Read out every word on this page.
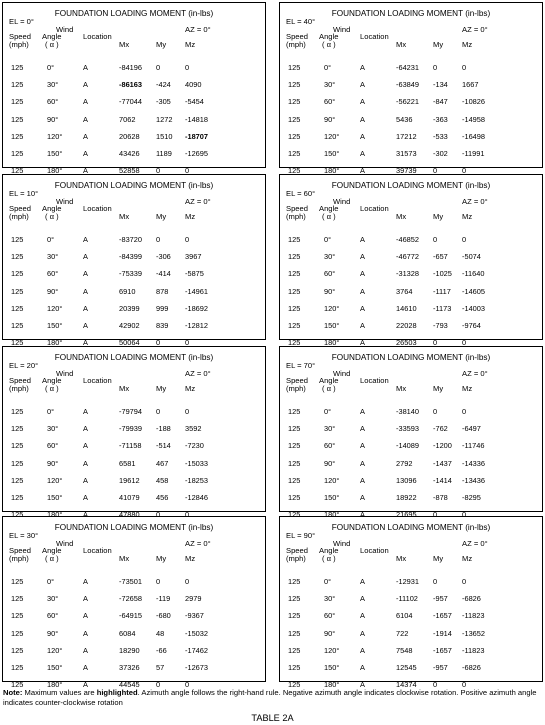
FOUNDATION LOADING MOMENT (in-lbs)
EL = 0°
Wind	AZ = 0°
Speed
(mph)
Angle
( α )
Location
Mx	My Mz
125	0°	A	-84196 0	0
125	30°	A	-86163 -424 4090
125	60°	A	-77044 -305 -5454
125	90°	A	7062	1272 -14818
125	120°	A	20628 1510 -18707
125	150°	A	43426 1189 -12695
125	180°	A	52858 0	0
FOUNDATION LOADING MOMENT (in-lbs)
EL = 40°
Wind	AZ = 0°
Speed
(mph)
Angle
( α )
Location
Mx	My Mz
125	0°	A	-64231 0	0
125	30°	A	-63849 -134 1667
125	60°	A	-56221 -847 -10826
125	90°	A	5436	-363 -14958
125	120°	A	17212 -533 -16498
125	150°	A	31573 -302 -11991
125	180°	A	39739 0	0
FOUNDATION LOADING MOMENT (in-lbs)
EL = 10°
Wind	AZ = 0°
Speed
(mph)
Angle
( α )
Location
Mx	My Mz
125	0°	A	-83720 0	0
125	30°	A	-84399 -306 3967
125	60°	A	-75339 -414 -5875
125	90°	A	6910	878 -14961
125	120°	A	20399 999 -18692
125	150°	A	42902 839 -12812
125	180°	A	50064 0	0
FOUNDATION LOADING MOMENT (in-lbs)
EL = 60°
Wind	AZ = 0°
Speed
(mph)
Angle
( α )
Location
Mx	My Mz
125	0°	A	-46852 0	0
125	30°	A	-46772 -657 -5074
125	60°	A	-31328 -1025 -11640
125	90°	A	3764	-1117 -14605
125	120°	A	14610 -1173 -14003
125	150°	A	22028 -793 -9764
125	180°	A	26503 0	0
FOUNDATION LOADING MOMENT (in-lbs)
EL = 20°
Wind	AZ = 0°
Speed
(mph)
Angle
( α )
Location
Mx	My Mz
125	0°	A	-79794 0	0
125	30°	A	-79939 -188 3592
125	60°	A	-71158 -514 -7230
125	90°	A	6581	467 -15033
125	120°	A	19612 458 -18253
125	150°	A	41079 456 -12846
125	180°	A	47880 0	0
FOUNDATION LOADING MOMENT (in-lbs)
EL = 70°
Wind	AZ = 0°
Speed
(mph)
Angle
( α )
Location
Mx	My Mz
125	0°	A	-38140 0	0
125	30°	A	-33593 -762 -6497
125	60°	A	-14089 -1200 -11746
125	90°	A	2792	-1437 -14336
125	120°	A	13096 -1414 -13436
125	150°	A	18922 -878 -8295
125	180°	A	21695 0	0
FOUNDATION LOADING MOMENT (in-lbs)
EL = 30°
Wind	AZ = 0°
Speed
(mph)
Angle
( α )
Location
Mx	My Mz
125	0°	A	-73501 0	0
125	30°	A	-72658 -119 2979
125	60°	A	-64915 -680 -9367
125	90°	A	6084	48	-15032
125	120°	A	18290 -66 -17462
125	150°	A	37326 57	-12673
125	180°	A	44545 0	0
FOUNDATION LOADING MOMENT (in-lbs)
EL = 90°
Wind	AZ = 0°
Speed
(mph)
Angle
( α )
Location
Mx	My Mz
125	0°	A	-12931 0	0
125	30°	A	-11102 -957 -6826
125	60°	A	6104	-1657 -11823
125	90°	A	722	-1914 -13652
125	120°	A	7548	-1657 -11823
125	150°	A	12545 -957 -6826
125	180°	A	14374 0	0
Note: Maximum values are highlighted. Azimuth angle follows the right-hand rule. Negative azimuth angle indicates clockwise rotation. Positive azimuth angle indicates counter-clockwise rotation
TABLE 2A
